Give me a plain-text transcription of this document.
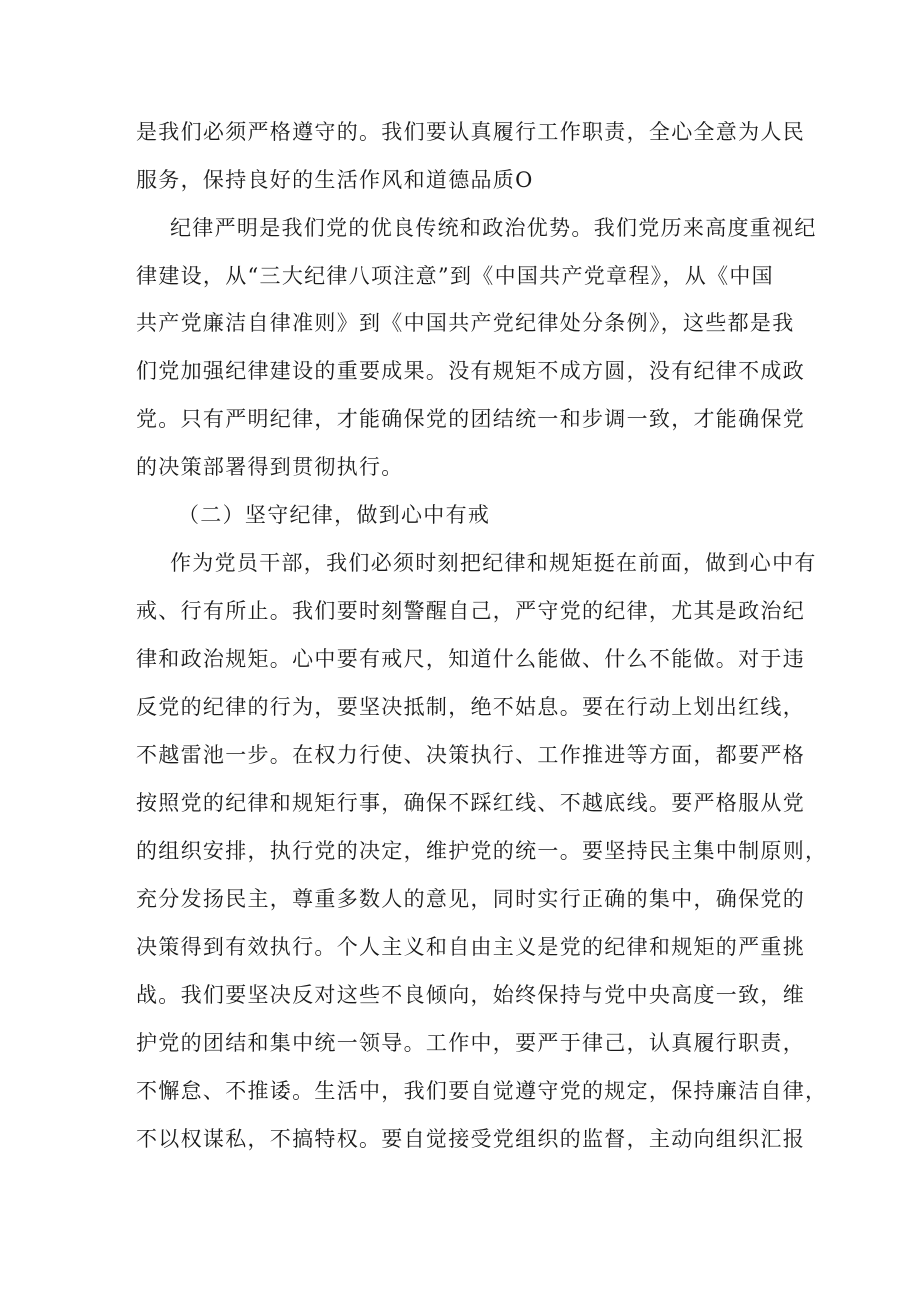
是我们必须严格遵守的。我们要认真履行工作职责，全心全意为人民
服务，保持良好的生活作风和道德品质O
纪律严明是我们党的优良传统和政治优势。我们党历来高度重视纪
律建设，从“三大纪律八项注意”到《中国共产党章程》，从《中国
共产党廉洁自律准则》到《中国共产党纪律处分条例》，这些都是我
们党加强纪律建设的重要成果。没有规矩不成方圆，没有纪律不成政
党。只有严明纪律，才能确保党的团结统一和步调一致，才能确保党
的决策部署得到贯彻执行。
（二）坚守纪律，做到心中有戒
作为党员干部，我们必须时刻把纪律和规矩挺在前面，做到心中有
戒、行有所止。我们要时刻警醒自己，严守党的纪律，尤其是政治纪
律和政治规矩。心中要有戒尺，知道什么能做、什么不能做。对于违
反党的纪律的行为，要坚决抵制，绝不姑息。要在行动上划出红线，
不越雷池一步。在权力行使、决策执行、工作推进等方面，都要严格
按照党的纪律和规矩行事，确保不踩红线、不越底线。要严格服从党
的组织安排，执行党的决定，维护党的统一。要坚持民主集中制原则，
充分发扬民主，尊重多数人的意见，同时实行正确的集中，确保党的
决策得到有效执行。个人主义和自由主义是党的纪律和规矩的严重挑
战。我们要坚决反对这些不良倾向，始终保持与党中央高度一致，维
护党的团结和集中统一领导。工作中，要严于律己，认真履行职责，
不懈怠、不推诿。生活中，我们要自觉遵守党的规定，保持廉洁自律，
不以权谋私，不搞特权。要自觉接受党组织的监督，主动向组织汇报
